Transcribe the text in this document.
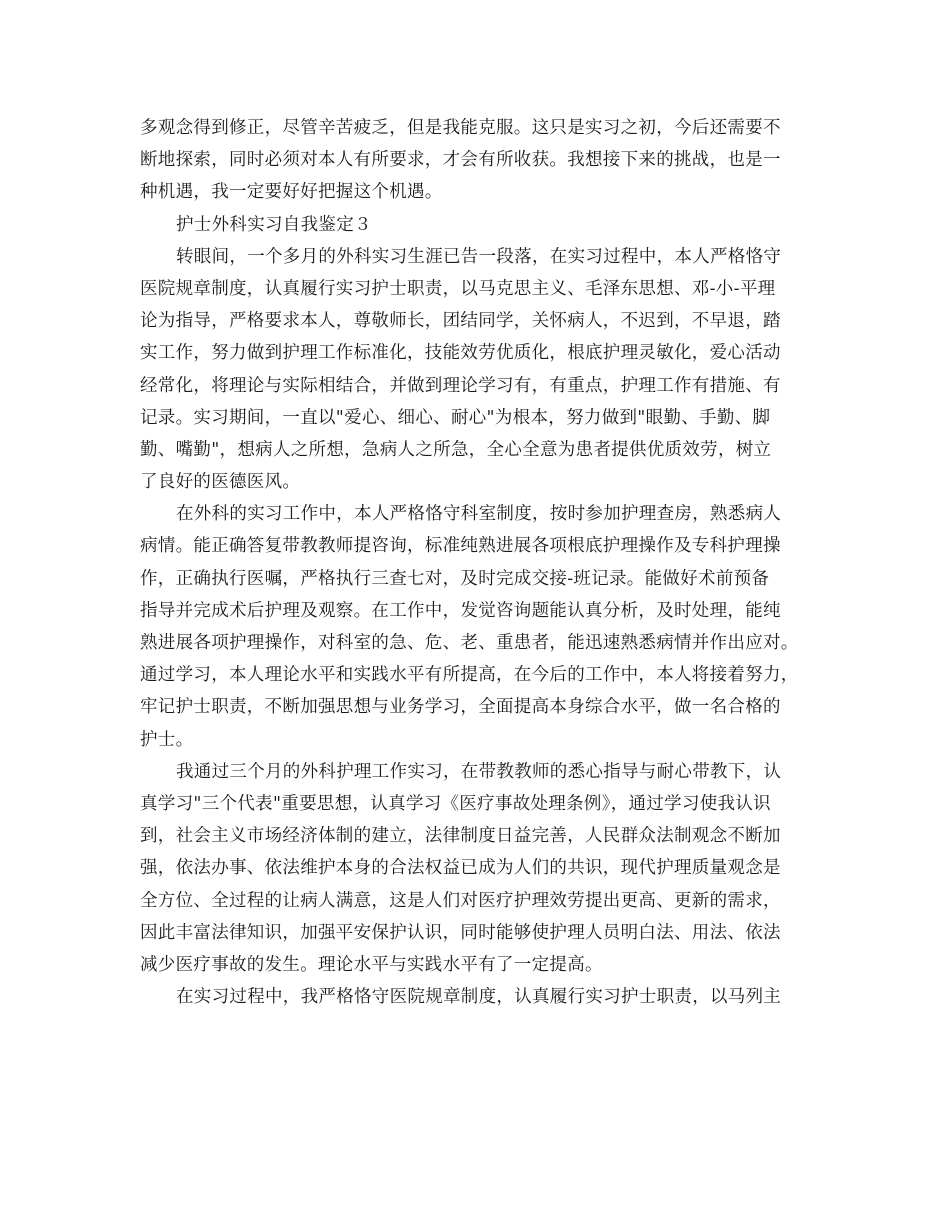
多观念得到修正，尽管辛苦疲乏，但是我能克服。这只是实习之初，今后还需要不
断地探索，同时必须对本人有所要求，才会有所收获。我想接下来的挑战，也是一
种机遇，我一定要好好把握这个机遇。

护士外科实习自我鉴定３

转眼间，一个多月的外科实习生涯已告一段落，在实习过程中，本人严格恪守
医院规章制度，认真履行实习护士职责，以马克思主义、毛泽东思想、邓-小-平理
论为指导，严格要求本人，尊敬师长，团结同学，关怀病人，不迟到，不早退，踏
实工作，努力做到护理工作标准化，技能效劳优质化，根底护理灵敏化，爱心活动
经常化，将理论与实际相结合，并做到理论学习有，有重点，护理工作有措施、有
记录。实习期间，一直以"爱心、细心、耐心"为根本，努力做到"眼勤、手勤、脚
勤、嘴勤"，想病人之所想，急病人之所急，全心全意为患者提供优质效劳，树立
了良好的医德医风。

在外科的实习工作中，本人严格恪守科室制度，按时参加护理查房，熟悉病人
病情。能正确答复带教教师提咨询，标准纯熟进展各项根底护理操作及专科护理操
作，正确执行医嘱，严格执行三查七对，及时完成交接-班记录。能做好术前预备
指导并完成术后护理及观察。在工作中，发觉咨询题能认真分析，及时处理，能纯
熟进展各项护理操作，对科室的急、危、老、重患者，能迅速熟悉病情并作出应对。
通过学习，本人理论水平和实践水平有所提高，在今后的工作中，本人将接着努力，
牢记护士职责，不断加强思想与业务学习，全面提高本身综合水平，做一名合格的
护士。

我通过三个月的外科护理工作实习，在带教教师的悉心指导与耐心带教下，认
真学习"三个代表"重要思想，认真学习《医疗事故处理条例》，通过学习使我认识
到，社会主义市场经济体制的建立，法律制度日益完善，人民群众法制观念不断加
强，依法办事、依法维护本身的合法权益已成为人们的共识，现代护理质量观念是
全方位、全过程的让病人满意，这是人们对医疗护理效劳提出更高、更新的需求，
因此丰富法律知识，加强平安保护认识，同时能够使护理人员明白法、用法、依法
减少医疗事故的发生。理论水平与实践水平有了一定提高。

在实习过程中，我严格恪守医院规章制度，认真履行实习护士职责，以马列主
